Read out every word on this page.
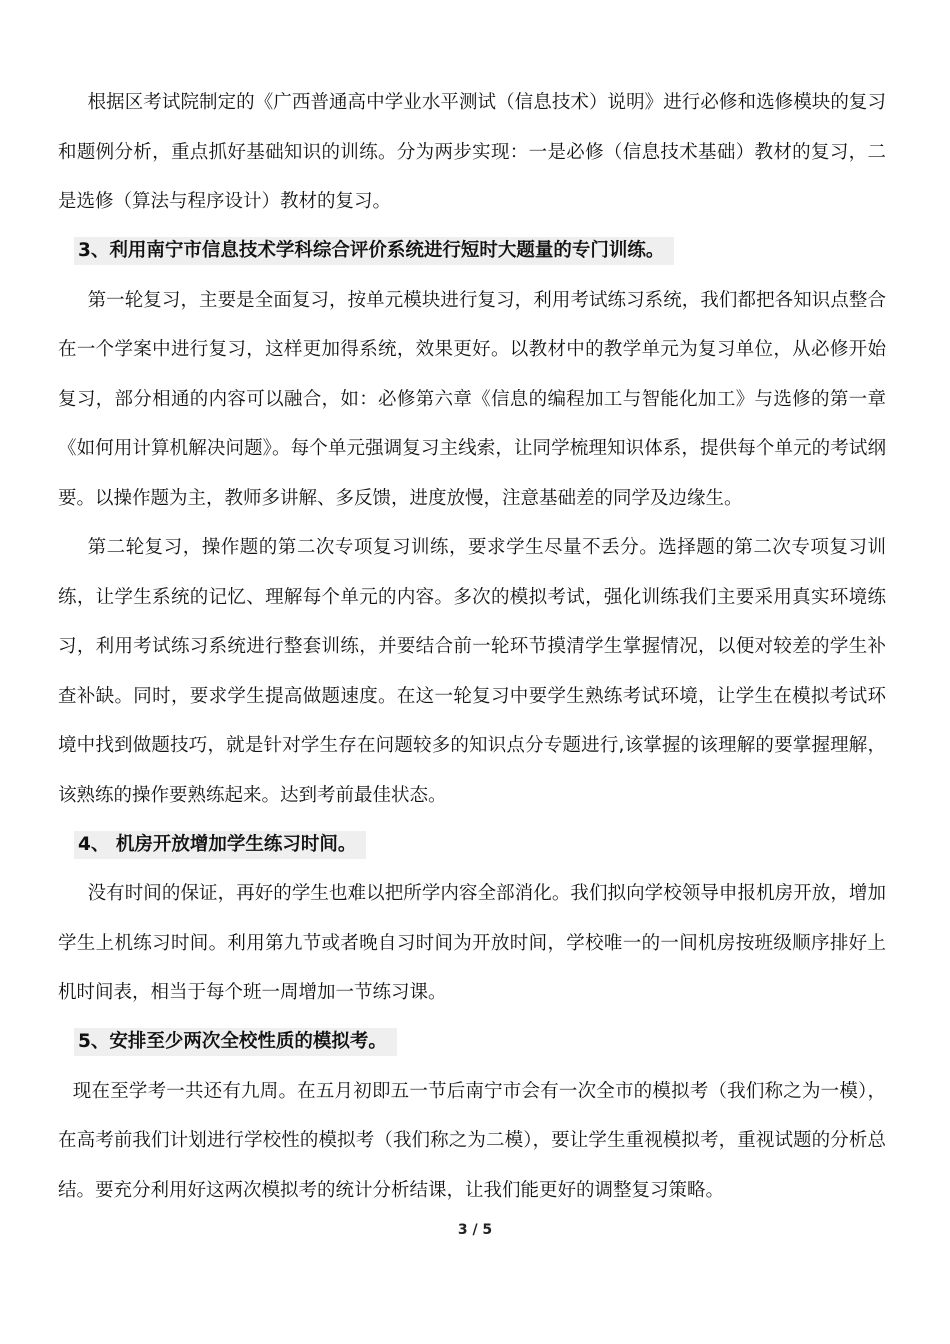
根据区考试院制定的《广西普通高中学业水平测试（信息技术）说明》进行必修和选修模块的复习和题例分析，重点抓好基础知识的训练。分为两步实现：一是必修（信息技术基础）教材的复习，二是选修（算法与程序设计）教材的复习。

3、利用南宁市信息技术学科综合评价系统进行短时大题量的专门训练。

第一轮复习，主要是全面复习，按单元模块进行复习，利用考试练习系统，我们都把各知识点整合在一个学案中进行复习，这样更加得系统，效果更好。以教材中的教学单元为复习单位，从必修开始复习，部分相通的内容可以融合，如：必修第六章《信息的编程加工与智能化加工》与选修的第一章《如何用计算机解决问题》。每个单元强调复习主线索，让同学梳理知识体系，提供每个单元的考试纲要。以操作题为主，教师多讲解、多反馈，进度放慢，注意基础差的同学及边缘生。

第二轮复习，操作题的第二次专项复习训练，要求学生尽量不丢分。选择题的第二次专项复习训练，让学生系统的记忆、理解每个单元的内容。多次的模拟考试，强化训练我们主要采用真实环境练习，利用考试练习系统进行整套训练，并要结合前一轮环节摸清学生掌握情况，以便对较差的学生补查补缺。同时，要求学生提高做题速度。在这一轮复习中要学生熟练考试环境，让学生在模拟考试环境中找到做题技巧，就是针对学生存在问题较多的知识点分专题进行,该掌握的该理解的要掌握理解，该熟练的操作要熟练起来。达到考前最佳状态。

4、 机房开放增加学生练习时间。

没有时间的保证，再好的学生也难以把所学内容全部消化。我们拟向学校领导申报机房开放，增加学生上机练习时间。利用第九节或者晚自习时间为开放时间，学校唯一的一间机房按班级顺序排好上机时间表，相当于每个班一周增加一节练习课。

5、安排至少两次全校性质的模拟考。

现在至学考一共还有九周。在五月初即五一节后南宁市会有一次全市的模拟考（我们称之为一模），在高考前我们计划进行学校性的模拟考（我们称之为二模），要让学生重视模拟考，重视试题的分析总结。要充分利用好这两次模拟考的统计分析结课，让我们能更好的调整复习策略。

3 / 5
